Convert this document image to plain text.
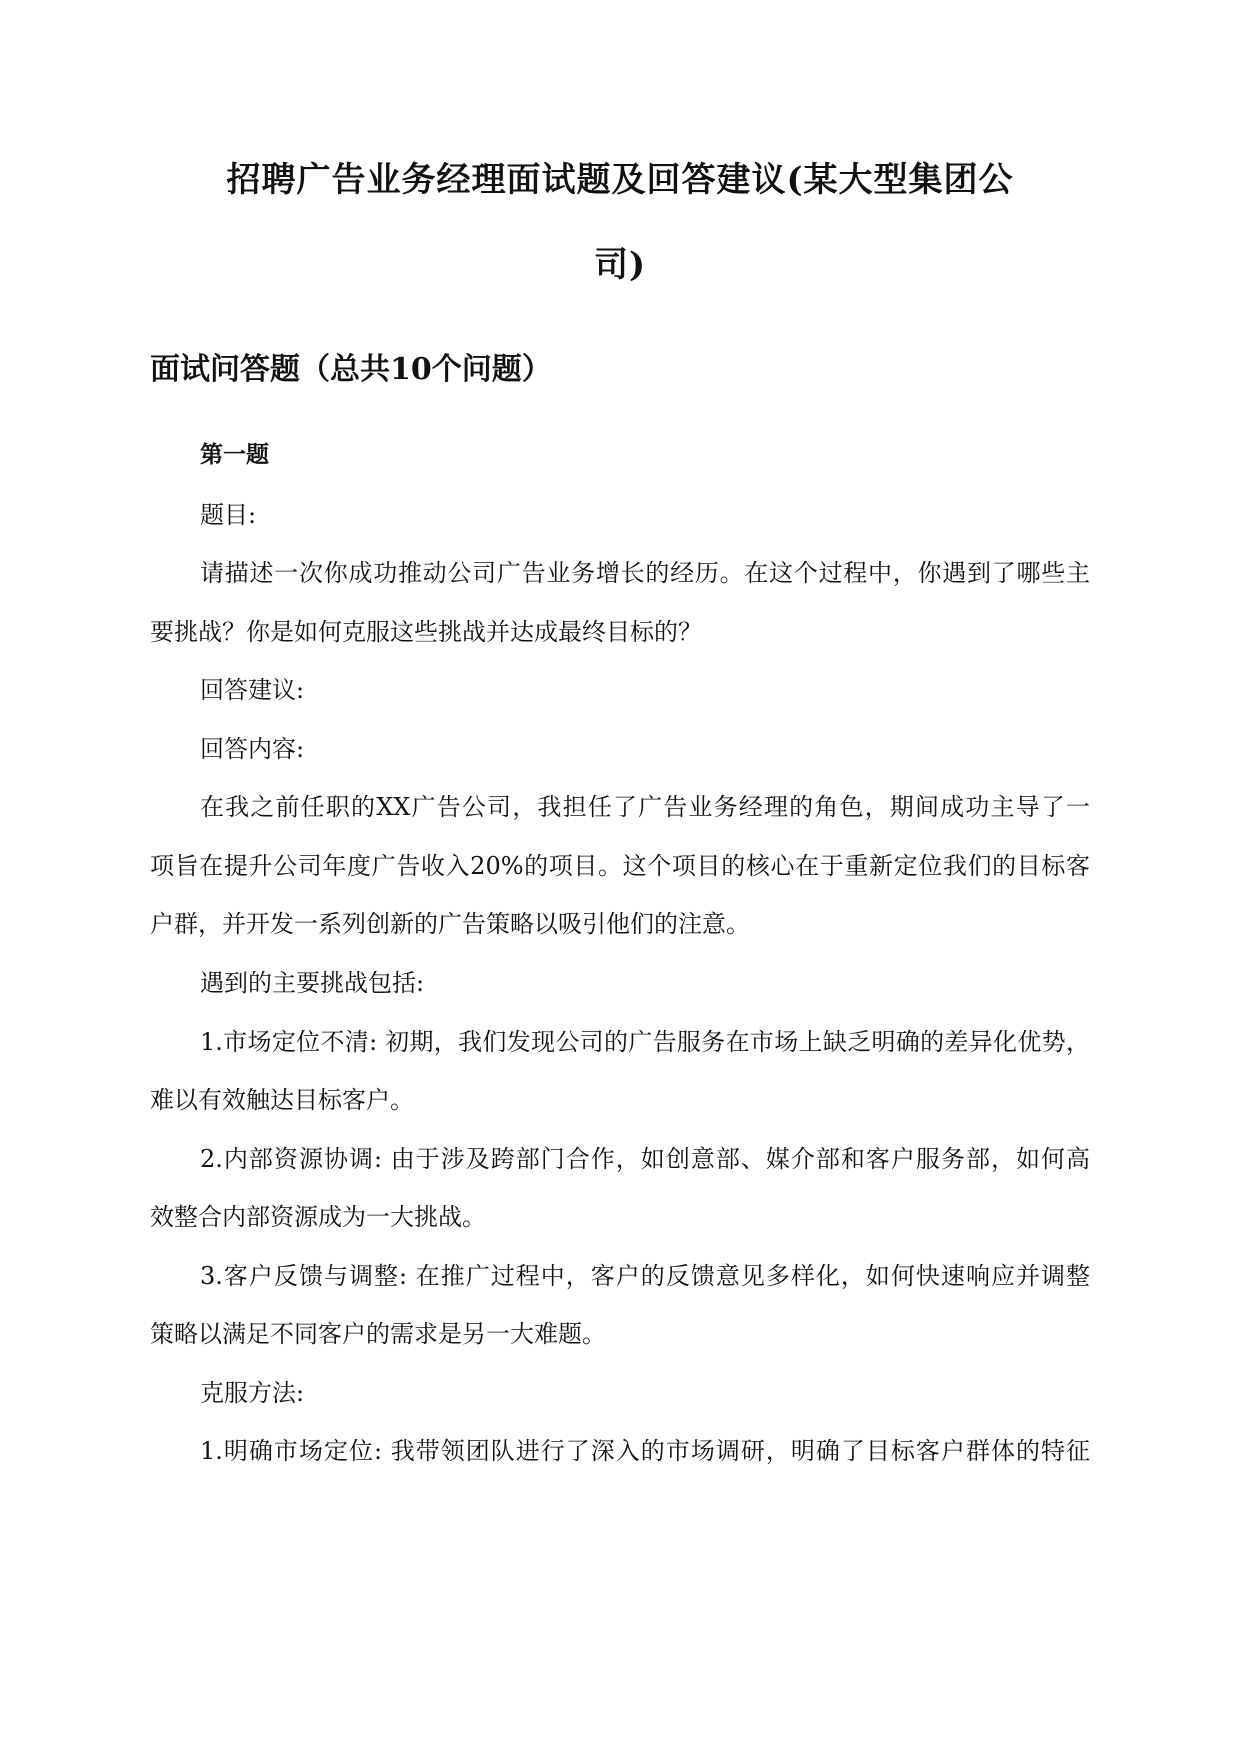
招聘广告业务经理面试题及回答建议(某大型集团公
司)
面试问答题（总共10个问题）
第一题

题目:

请描述一次你成功推动公司广告业务增长的经历。在这个过程中，你遇到了哪些主

要挑战？你是如何克服这些挑战并达成最终目标的？

回答建议:

回答内容:

在我之前任职的XX广告公司，我担任了广告业务经理的角色，期间成功主导了一

项旨在提升公司年度广告收入20%的项目。这个项目的核心在于重新定位我们的目标客

户群，并开发一系列创新的广告策略以吸引他们的注意。

遇到的主要挑战包括:

1.市场定位不清: 初期，我们发现公司的广告服务在市场上缺乏明确的差异化优势，

难以有效触达目标客户。

2.内部资源协调: 由于涉及跨部门合作，如创意部、媒介部和客户服务部，如何高

效整合内部资源成为一大挑战。

3.客户反馈与调整: 在推广过程中，客户的反馈意见多样化，如何快速响应并调整

策略以满足不同客户的需求是另一大难题。

克服方法:

1.明确市场定位: 我带领团队进行了深入的市场调研，明确了目标客户群体的特征
